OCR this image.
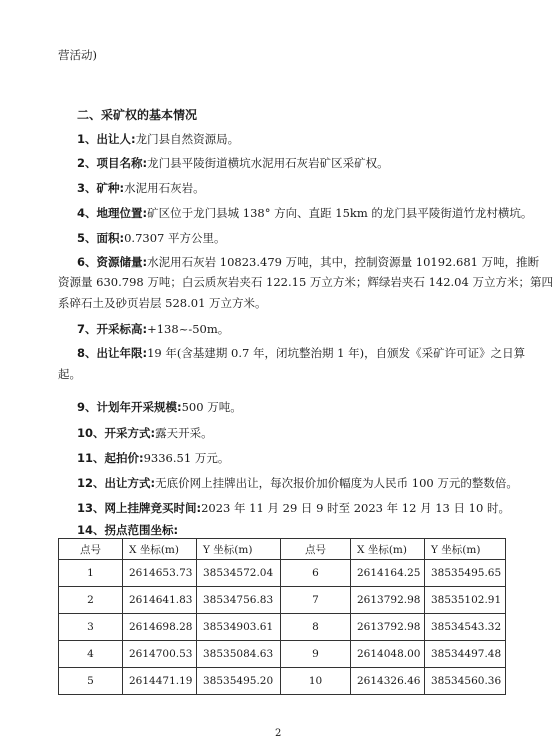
营活动)
二、采矿权的基本情况
1、出让人:龙门县自然资源局。
2、项目名称:龙门县平陵街道横坑水泥用石灰岩矿区采矿权。
3、矿种:水泥用石灰岩。
4、地理位置:矿区位于龙门县城 138° 方向、直距 15km 的龙门县平陵街道竹龙村横坑。
5、面积:0.7307 平方公里。
6、资源储量:水泥用石灰岩 10823.479 万吨，其中，控制资源量 10192.681 万吨，推断
资源量 630.798 万吨；白云质灰岩夹石 122.15 万立方米；辉绿岩夹石 142.04 万立方米；第四
系碎石土及砂页岩层 528.01 万立方米。
7、开采标高:+138~-50m。
8、出让年限:19 年(含基建期 0.7 年，闭坑整治期 1 年)，自颁发《采矿许可证》之日算
起。
9、计划年开采规模:500 万吨。
10、开采方式:露天开采。
11、起拍价:9336.51 万元。
12、出让方式:无底价网上挂牌出让，每次报价加价幅度为人民币 100 万元的整数倍。
13、网上挂牌竞买时间:2023 年 11 月 29 日 9 时至 2023 年 12 月 13 日 10 时。
14、拐点范围坐标:
点号	X 坐标(m)	Y 坐标(m)	点号	X 坐标(m)	Y 坐标(m)
1	2614653.73	38534572.04	6	2614164.25	38535495.65
2	2614641.83	38534756.83	7	2613792.98	38535102.91
3	2614698.28	38534903.61	8	2613792.98	38534543.32
4	2614700.53	38535084.63	9	2614048.00	38534497.48
5	2614471.19	38535495.20	10	2614326.46	38534560.36
2
